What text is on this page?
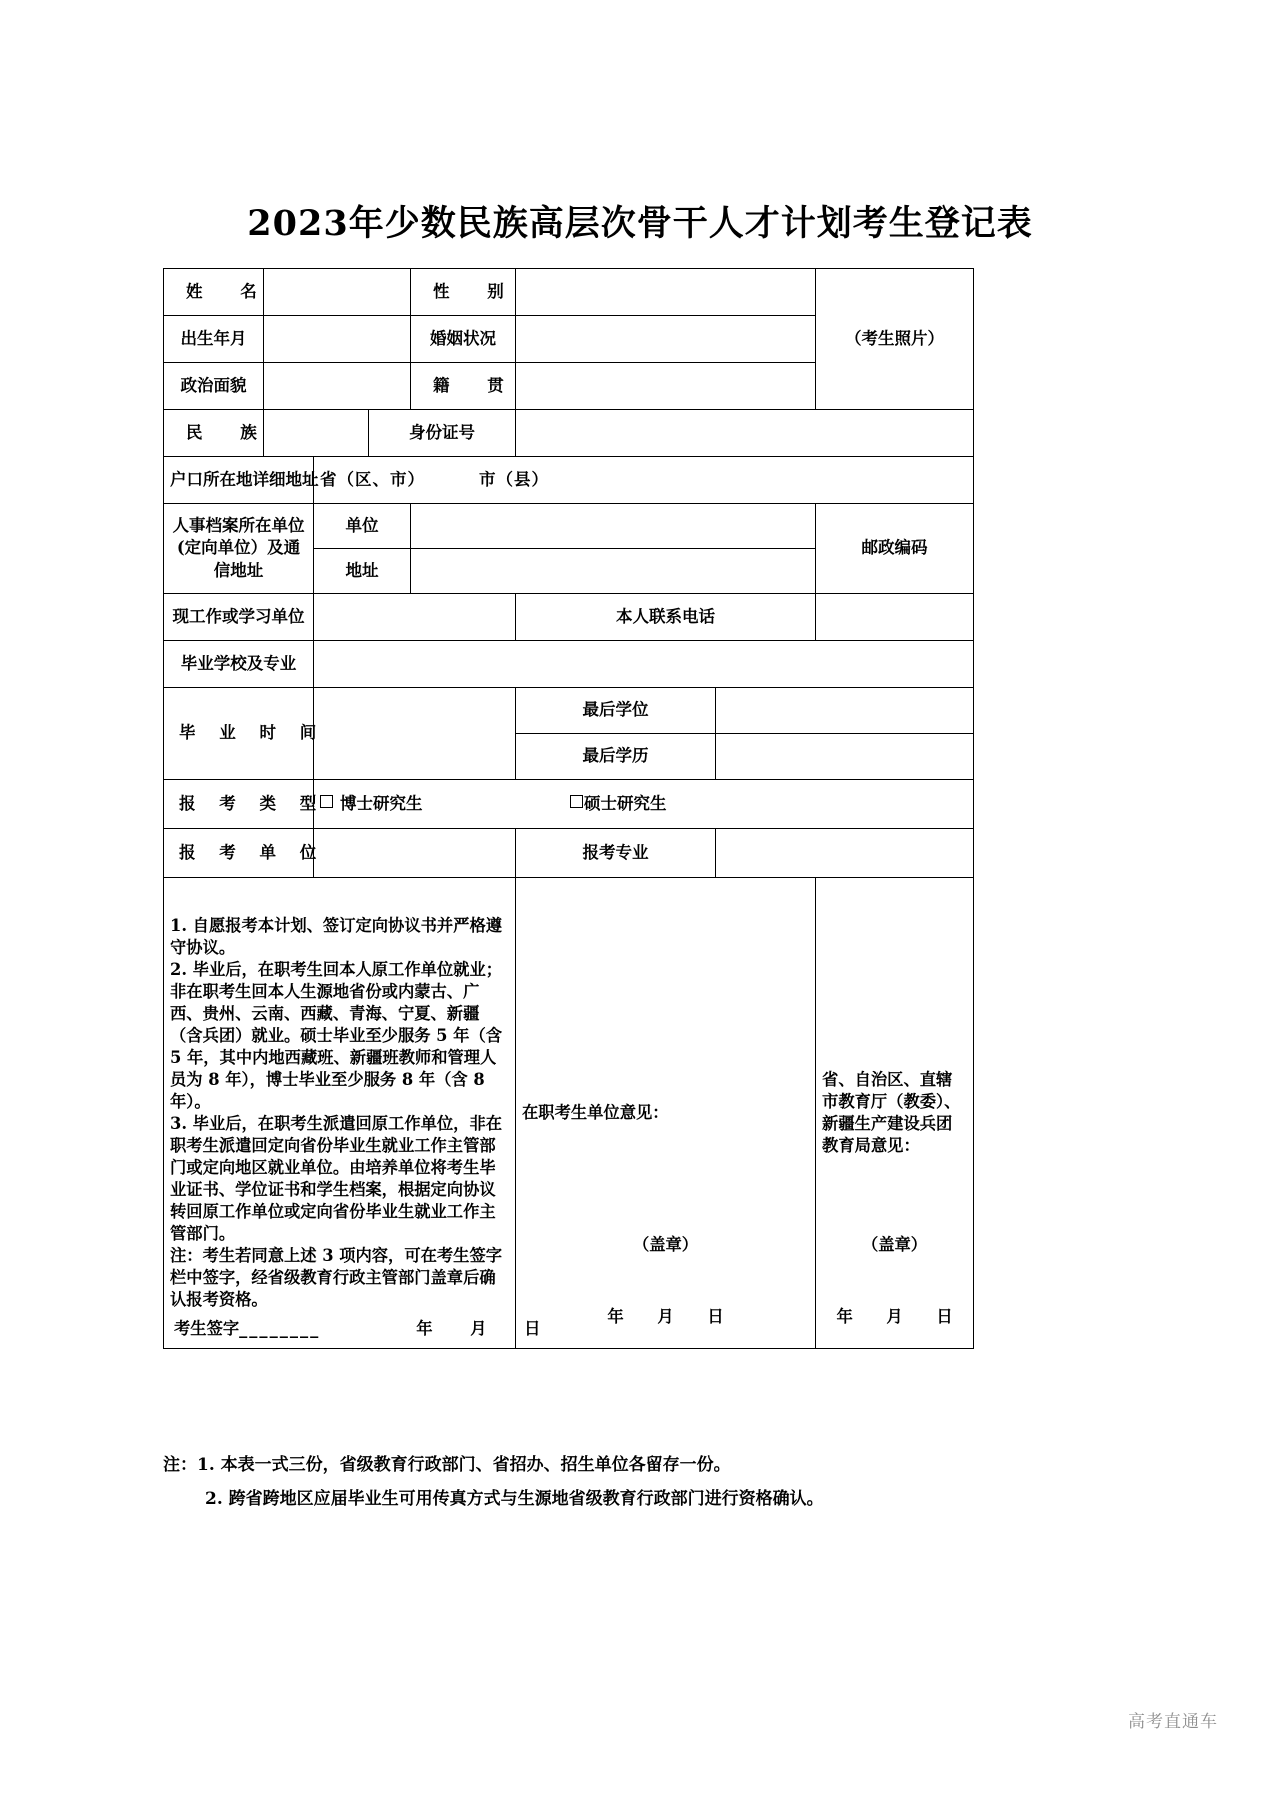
2023年少数民族高层次骨干人才计划考生登记表
姓 名				性 别			（考生照片）
出生年月				婚姻状况			
政治面貌				籍 贯			
民 族			身份证号				
户口所在地详细地址		省（区、市） 市（县）					
人事档案所在单位(定向单位）及通信地址		单位					邮政编码
		地址					
现工作或学习单位					本人联系电话		
毕业学校及专业							
毕 业 时 间					最后学位		
					最后学历		
报 考 类 型		博士研究生 硕士研究生					
报 考 单 位					报考专业		

1. 自愿报考本计划、签订定向协议书并严格遵守协议。

2. 毕业后，在职考生回本人原工作单位就业；非在职考生回本人生源地省份或内蒙古、广西、贵州、云南、西藏、青海、宁夏、新疆（含兵团）就业。硕士毕业至少服务 5 年（含 5 年，其中内地西藏班、新疆班教师和管理人员为 8 年），博士毕业至少服务 8 年（含 8 年）。

3. 毕业后，在职考生派遣回原工作单位，非在职考生派遣回定向省份毕业生就业工作主管部门或定向地区就业单位。由培养单位将考生毕业证书、学位证书和学生档案，根据定向协议转回原工作单位或定向省份毕业生就业工作主管部门。

注：考生若同意上述 3 项内容，可在考生签字栏中签字，经省级教育行政主管部门盖章后确认报考资格。

考生签字________	年 月 日

在职考生单位意见：
（盖章）
年 月 日

省、自治区、直辖市教育厅（教委）、新疆生产建设兵团教育局意见：
（盖章）
年 月 日
注：1. 本表一式三份，省级教育行政部门、省招办、招生单位各留存一份。
2. 跨省跨地区应届毕业生可用传真方式与生源地省级教育行政部门进行资格确认。
高考直通车
